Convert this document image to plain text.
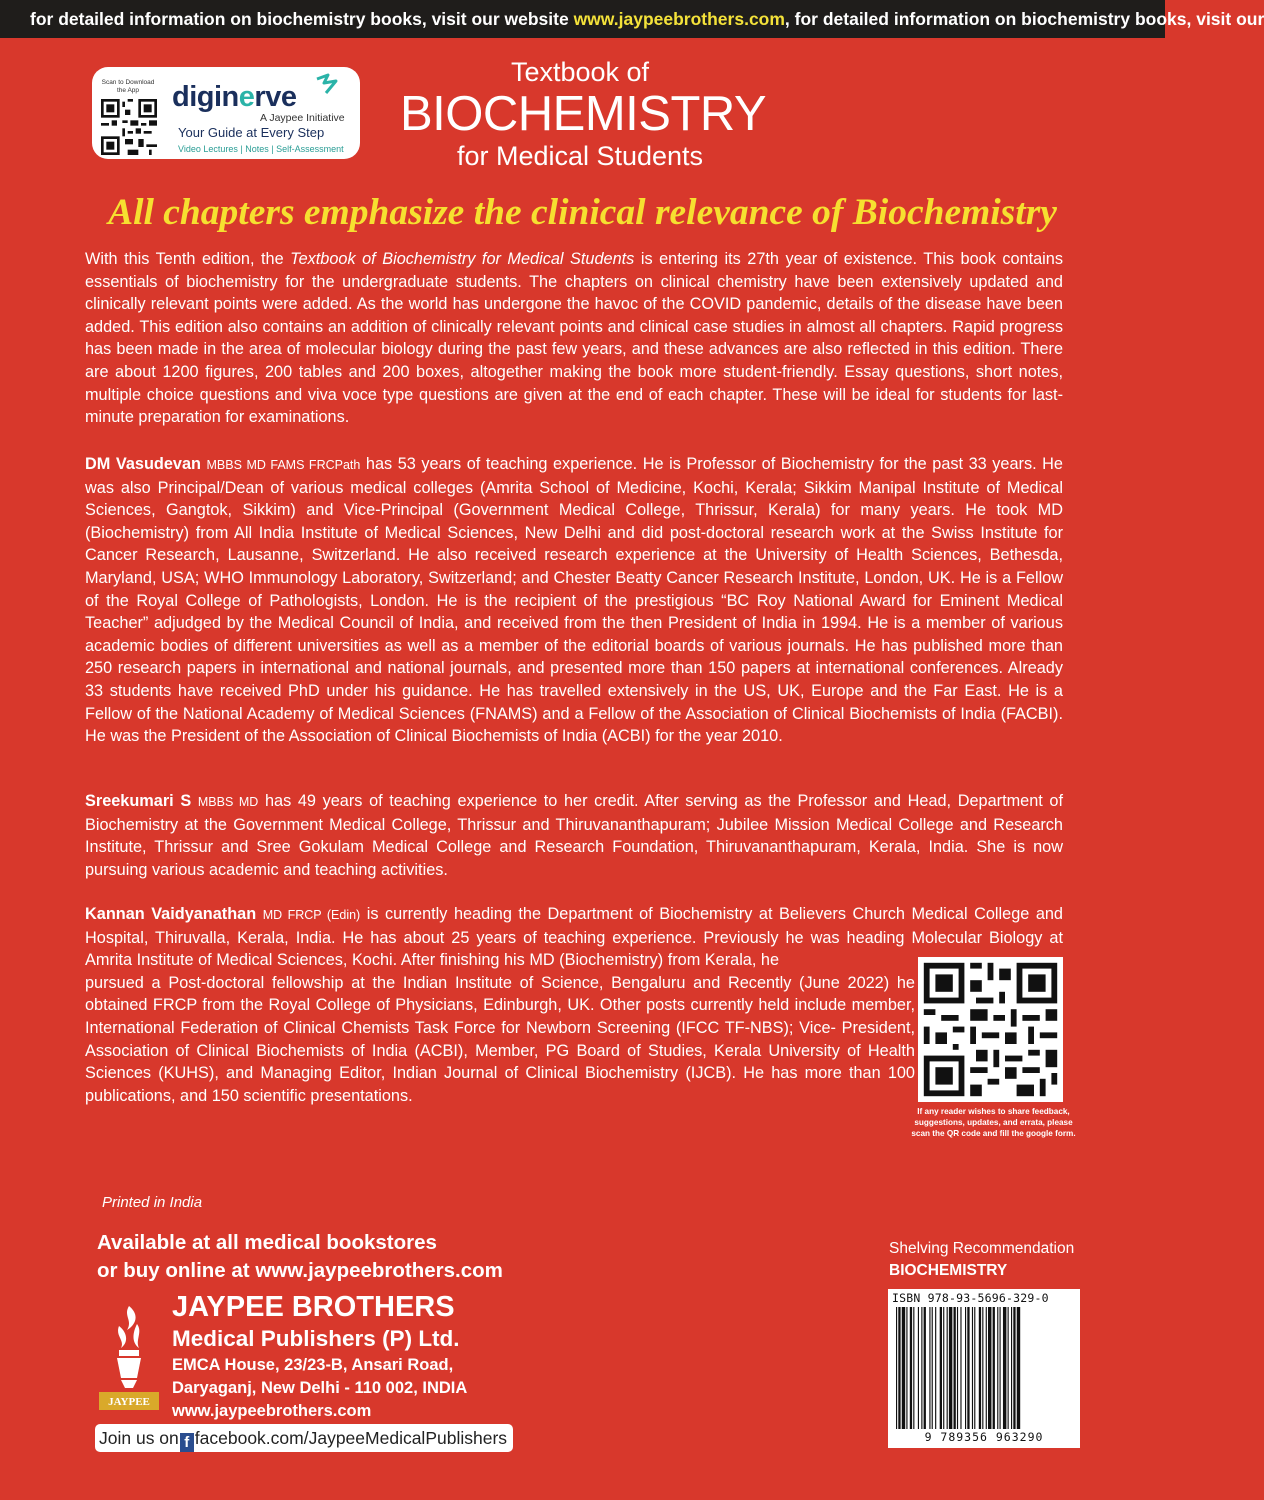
for detailed information on biochemistry books, visit our website www.jaypeebrothers.com, for detailed information on biochemistry books, visit our
Scan to Download the App	diginerve
A Jaypee Initiative
Your Guide at Every Step
Video Lectures | Notes | Self-Assessment
Textbook of
BIOCHEMISTRY
for Medical Students
All chapters emphasize the clinical relevance of Biochemistry
With this Tenth edition, the Textbook of Biochemistry for Medical Students is entering its 27th year of existence. This book contains essentials of biochemistry for the undergraduate students. The chapters on clinical chemistry have been extensively updated and clinically relevant points were added. As the world has undergone the havoc of the COVID pandemic, details of the disease have been added. This edition also contains an addition of clinically relevant points and clinical case studies in almost all chapters. Rapid progress has been made in the area of molecular biology during the past few years, and these advances are also reflected in this edition. There are about 1200 figures, 200 tables and 200 boxes, altogether making the book more student-friendly. Essay questions, short notes, multiple choice questions and viva voce type questions are given at the end of each chapter. These will be ideal for students for last-minute preparation for examinations.
DM Vasudevan MBBS MD FAMS FRCPath has 53 years of teaching experience. He is Professor of Biochemistry for the past 33 years. He was also Principal/Dean of various medical colleges (Amrita School of Medicine, Kochi, Kerala; Sikkim Manipal Institute of Medical Sciences, Gangtok, Sikkim) and Vice-Principal (Government Medical College, Thrissur, Kerala) for many years. He took MD (Biochemistry) from All India Institute of Medical Sciences, New Delhi and did post-doctoral research work at the Swiss Institute for Cancer Research, Lausanne, Switzerland. He also received research experience at the University of Health Sciences, Bethesda, Maryland, USA; WHO Immunology Laboratory, Switzerland; and Chester Beatty Cancer Research Institute, London, UK. He is a Fellow of the Royal College of Pathologists, London. He is the recipient of the prestigious “BC Roy National Award for Eminent Medical Teacher” adjudged by the Medical Council of India, and received from the then President of India in 1994. He is a member of various academic bodies of different universities as well as a member of the editorial boards of various journals. He has published more than 250 research papers in international and national journals, and presented more than 150 papers at international conferences. Already 33 students have received PhD under his guidance. He has travelled extensively in the US, UK, Europe and the Far East. He is a Fellow of the National Academy of Medical Sciences (FNAMS) and a Fellow of the Association of Clinical Biochemists of India (FACBI). He was the President of the Association of Clinical Biochemists of India (ACBI) for the year 2010.
Sreekumari S MBBS MD has 49 years of teaching experience to her credit. After serving as the Professor and Head, Department of Biochemistry at the Government Medical College, Thrissur and Thiruvananthapuram; Jubilee Mission Medical College and Research Institute, Thrissur and Sree Gokulam Medical College and Research Foundation, Thiruvananthapuram, Kerala, India. She is now pursuing various academic and teaching activities.
Kannan Vaidyanathan MD FRCP (Edin) is currently heading the Department of Biochemistry at Believers Church Medical College and Hospital, Thiruvalla, Kerala, India. He has about 25 years of teaching experience. Previously he was heading Molecular Biology at Amrita Institute of Medical Sciences, Kochi. After finishing his MD (Biochemistry) from Kerala, he
pursued a Post-doctoral fellowship at the Indian Institute of Science, Bengaluru and Recently (June 2022) he obtained FRCP from the Royal College of Physicians, Edinburgh, UK. Other posts currently held include member, International Federation of Clinical Chemists Task Force for Newborn Screening (IFCC TF-NBS); Vice- President, Association of Clinical Biochemists of India (ACBI), Member, PG Board of Studies, Kerala University of Health Sciences (KUHS), and Managing Editor, Indian Journal of Clinical Biochemistry (IJCB). He has more than 100 publications, and 150 scientific presentations.
If any reader wishes to share feedback, suggestions, updates, and errata, please scan the QR code and fill the google form.
Printed in India
Available at all medical bookstores
or buy online at www.jaypeebrothers.com
JAYPEE
JAYPEE BROTHERS
Medical Publishers (P) Ltd.
EMCA House, 23/23-B, Ansari Road,
Daryaganj, New Delhi - 110 002, INDIA
www.jaypeebrothers.com
Join us on f facebook.com/JaypeeMedicalPublishers
Shelving Recommendation
BIOCHEMISTRY
ISBN 978-93-5696-329-0
9 789356 963290
